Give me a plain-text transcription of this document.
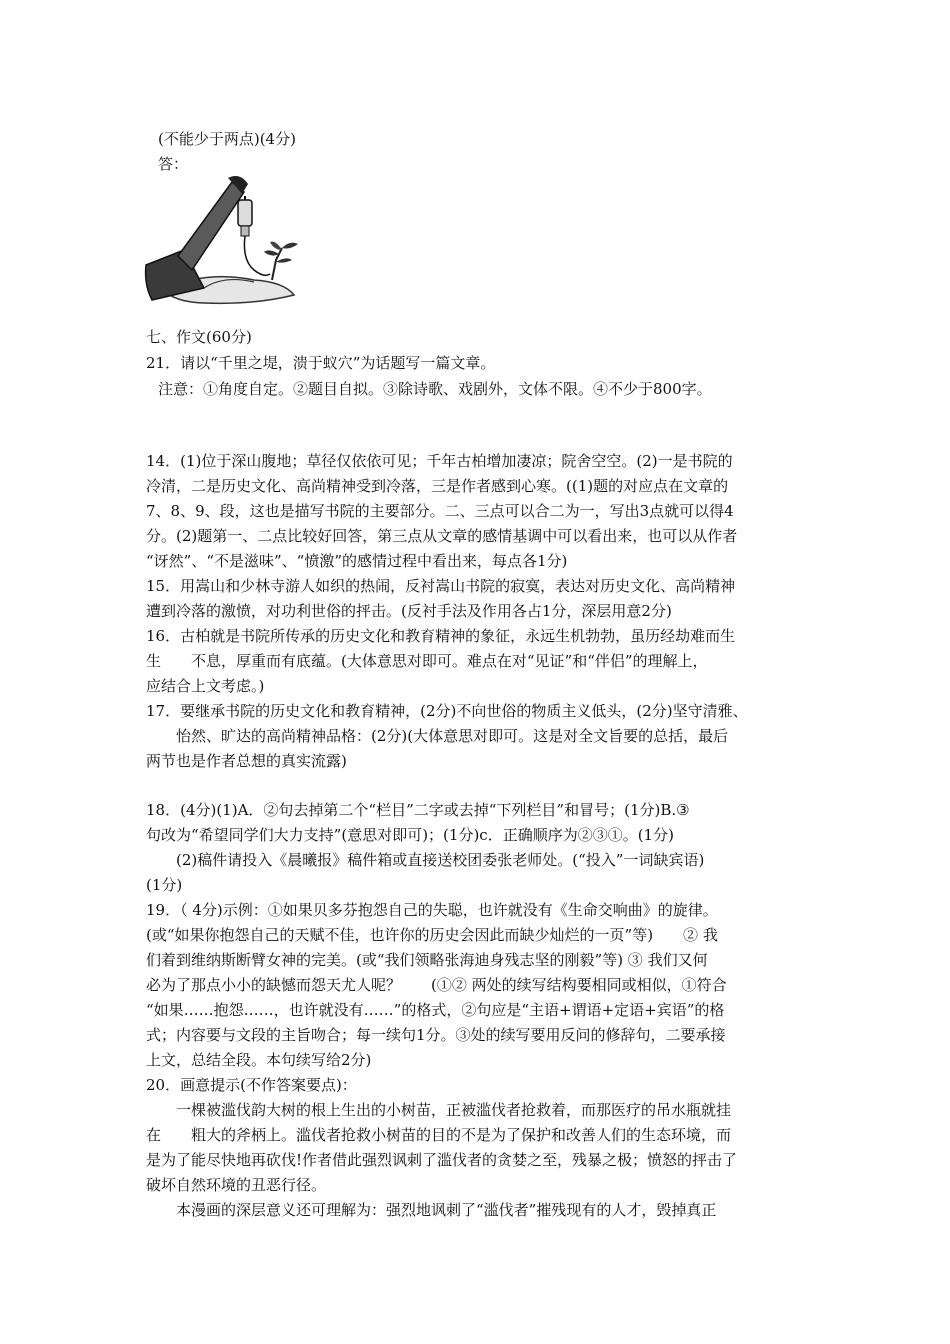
(不能少于两点)(4分)
答：
七、作文(60分)
21．请以“千里之堤，溃于蚁穴”为话题写一篇文章。
注意：①角度自定。②题目自拟。③除诗歌、戏剧外，文体不限。④不少于800字。
14．(1)位于深山腹地；草径仅依依可见；千年古柏增加凄凉；院舍空空。(2)一是书院的
冷清，二是历史文化、高尚精神受到冷落，三是作者感到心寒。((1)题的对应点在文章的
7、8、9、段，这也是描写书院的主要部分。二、三点可以合二为一，写出3点就可以得4
分。(2)题第一、二点比较好回答，第三点从文章的感情基调中可以看出来，也可以从作者
“讶然”、“不是滋味”、“愤激”的感情过程中看出来，每点各1分)
15．用嵩山和少林寺游人如织的热闹，反衬嵩山书院的寂寞，表达对历史文化、高尚精神
遭到冷落的激愤，对功利世俗的抨击。(反衬手法及作用各占1分，深层用意2分)
16．古柏就是书院所传承的历史文化和教育精神的象征，永远生机勃勃，虽历经劫难而生
生　　不息，厚重而有底蕴。(大体意思对即可。难点在对“见证”和“伴侣”的理解上，
应结合上文考虑。)
17．要继承书院的历史文化和教育精神，(2分)不向世俗的物质主义低头，(2分)坚守清雅、
　　怡然、旷达的高尚精神品格：(2分)(大体意思对即可。这是对全文旨要的总括，最后
两节也是作者总想的真实流露)
18．(4分)(1)A．②句去掉第二个“栏目”二字或去掉“下列栏目”和冒号；(1分)B.③
句改为“希望同学们大力支持”(意思对即可)；(1分)c．正确顺序为②③①。(1分)
　　(2)稿件请投入《晨曦报》稿件箱或直接送校团委张老师处。(“投入”一词缺宾语)
(1分)
19．（ 4分)示例：①如果贝多芬抱怨自己的失聪，也许就没有《生命交响曲》的旋律。
(或“如果你抱怨自己的天赋不佳，也许你的历史会因此而缺少灿烂的一页”等)　　② 我
们着到维纳斯断臂女神的完美。(或“我们领略张海迪身残志坚的刚毅”等) ③ 我们又何
必为了那点小小的缺憾而怨天尤人呢？　　(①② 两处的续写结构要相同或相似，①符合
“如果……抱怨……，也许就没有……”的格式，②句应是“主语+谓语+定语+宾语”的格
式；内容要与文段的主旨吻合；每一续句1分。③处的续写要用反问的修辞句，二要承接
上文，总结全段。本句续写给2分)
20．画意提示(不作答案要点)：
　　一棵被滥伐韵大树的根上生出的小树苗，正被滥伐者抢救着，而那医疗的吊水瓶就挂
在　　粗大的斧柄上。滥伐者抢救小树苗的目的不是为了保护和改善人们的生态环境，而
是为了能尽快地再砍伐!作者借此强烈讽刺了滥伐者的贪婪之至，残暴之极；愤怒的抨击了
破坏自然环境的丑恶行径。
　　本漫画的深层意义还可理解为：强烈地讽刺了“滥伐者”摧残现有的人才，毁掉真正
